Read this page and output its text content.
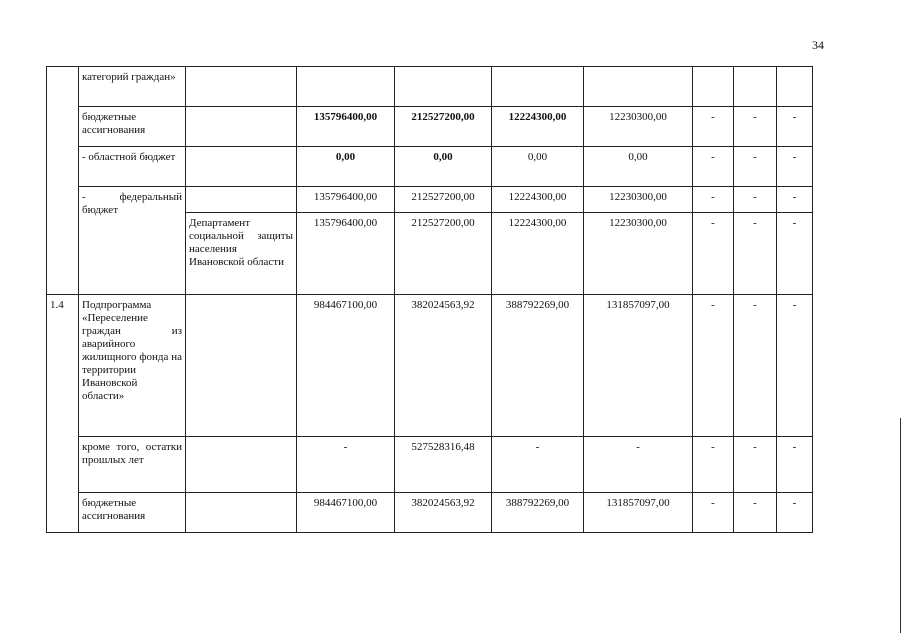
34
	категорий граждан»								
	бюджетные ассигнования		135796400,00	212527200,00	12224300,00	12230300,00	-	-	-
	- областной бюджет		0,00	0,00	0,00	0,00	-	-	-
	- федеральный бюджет		135796400,00	212527200,00	12224300,00	12230300,00	-	-	-
		Департамент социальной защиты населения Ивановской области	135796400,00	212527200,00	12224300,00	12230300,00	-	-	-
1.4	Подпрограмма «Переселение граждан из аварийного жилищного фонда на территории Ивановской области»		984467100,00	382024563,92	388792269,00	131857097,00	-	-	-
	кроме того, остатки прошлых лет		-	527528316,48	-	-	-	-	-
	бюджетные ассигнования		984467100,00	382024563,92	388792269,00	131857097,00	-	-	-
